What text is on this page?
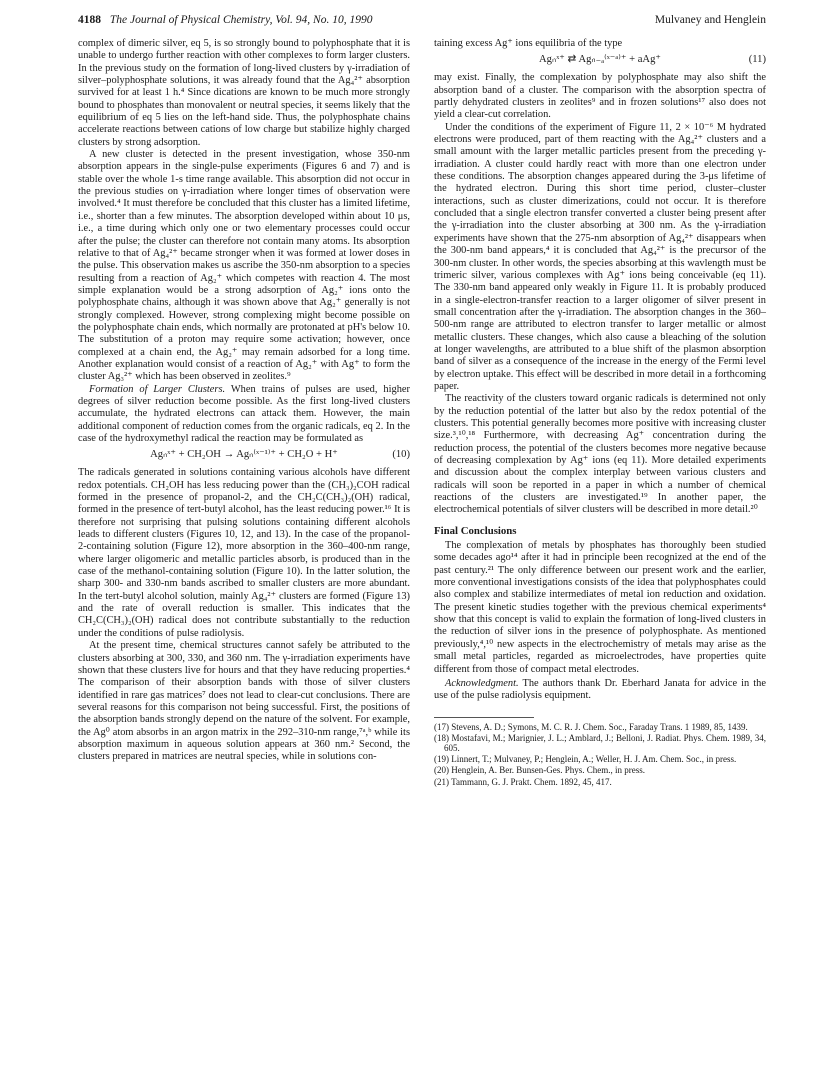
4188 The Journal of Physical Chemistry, Vol. 94, No. 10, 1990	Mulvaney and Henglein

complex of dimeric silver, eq 5, is so strongly bound to polyphosphate that it is unable to undergo further reaction with other complexes to form larger clusters. In the previous study on the formation of long-lived clusters by γ-irradiation of silver–polyphosphate solutions, it was already found that the Ag₄²⁺ absorption survived for at least 1 h.⁴ Since dications are known to be much more strongly bound to phosphates than monovalent or neutral species, it seems likely that the equilibrium of eq 5 lies on the left-hand side. Thus, the polyphosphate chains accelerate reactions between cations of low charge but stabilize highly charged clusters by strong adsorption.

A new cluster is detected in the present investigation, whose 350-nm absorption appears in the single-pulse experiments (Figures 6 and 7) and is stable over the whole 1-s time range available. This absorption did not occur in the previous studies on γ-irradiation where longer times of observation were involved.⁴ It must therefore be concluded that this cluster has a limited lifetime, i.e., shorter than a few minutes. The absorption developed within about 10 μs, i.e., a time during which only one or two elementary processes could occur after the pulse; the cluster can therefore not contain many atoms. Its absorption relative to that of Ag₄²⁺ became stronger when it was formed at lower doses in the pulse. This observation makes us ascribe the 350-nm absorption to a species resulting from a reaction of Ag₂⁺ which competes with reaction 4. The most simple explanation would be a strong adsorption of Ag₂⁺ ions onto the polyphosphate chains, although it was shown above that Ag₂⁺ generally is not strongly complexed. However, strong complexing might become possible on the polyphosphate chain ends, which normally are protonated at pH's below 10. The substitution of a proton may require some activation; however, once complexed at a chain end, the Ag₂⁺ may remain adsorbed for a long time. Another explanation would consist of a reaction of Ag₂⁺ with Ag⁺ to form the cluster Ag₃²⁺ which has been observed in zeolites.⁹

Formation of Larger Clusters. When trains of pulses are used, higher degrees of silver reduction become possible. As the first long-lived clusters accumulate, the hydrated electrons can attack them. However, the main additional component of reduction comes from the organic radicals, eq 2. In the case of the hydroxymethyl radical the reaction may be formulated as

Agₙˣ⁺ + CH₂OH → Agₙ⁽ˣ⁻¹⁾⁺ + CH₂O + H⁺	(10)

The radicals generated in solutions containing various alcohols have different redox potentials. CH₂OH has less reducing power than the (CH₃)₂COH radical formed in the presence of propanol-2, and the CH₂C(CH₃)₂(OH) radical, formed in the presence of tert-butyl alcohol, has the least reducing power.¹⁶ It is therefore not surprising that pulsing solutions containing different alcohols leads to different clusters (Figures 10, 12, and 13). In the case of the propanol-2-containing solution (Figure 12), more absorption in the 360–400-nm range, where larger oligomeric and metallic particles absorb, is produced than in the case of the methanol-containing solution (Figure 10). In the latter solution, the sharp 300- and 330-nm bands ascribed to smaller clusters are more abundant. In the tert-butyl alcohol solution, mainly Ag₄²⁺ clusters are formed (Figure 13) and the rate of overall reduction is smaller. This indicates that the CH₂C(CH₃)₂(OH) radical does not contribute substantially to the reduction under the conditions of pulse radiolysis.

At the present time, chemical structures cannot safely be attributed to the clusters absorbing at 300, 330, and 360 nm. The γ-irradiation experiments have shown that these clusters live for hours and that they have reducing properties.⁴ The comparison of their absorption bands with those of silver clusters identified in rare gas matrices⁷ does not lead to clear-cut conclusions. There are several reasons for this comparison not being successful. First, the positions of the absorption bands strongly depend on the nature of the solvent. For example, the Ag⁰ atom absorbs in an argon matrix in the 292–310-nm range,⁷ᵃ,ᵇ while its absorption maximum in aqueous solution appears at 360 nm.² Second, the clusters prepared in matrices are neutral species, while in solutions con-

taining excess Ag⁺ ions equilibria of the type

Agₙˣ⁺ ⇄ Agₙ₋ₐ⁽ˣ⁻ᵃ⁾⁺ + aAg⁺	(11)

may exist. Finally, the complexation by polyphosphate may also shift the absorption band of a cluster. The comparison with the absorption spectra of partly dehydrated clusters in zeolites⁹ and in frozen solutions¹⁷ also does not yield a clear-cut correlation.

Under the conditions of the experiment of Figure 11, 2 × 10⁻⁶ M hydrated electrons were produced, part of them reacting with the Ag₄²⁺ clusters and a small amount with the larger metallic particles present from the preceding γ-irradiation. A cluster could hardly react with more than one electron under these conditions. The absorption changes appeared during the 3-μs lifetime of the hydrated electron. During this short time period, cluster–cluster interactions, such as cluster dimerizations, could not occur. It is therefore concluded that a single electron transfer converted a cluster being present after the γ-irradiation into the cluster absorbing at 300 nm. As the γ-irradiation experiments have shown that the 275-nm absorption of Ag₄²⁺ disappears when the 300-nm band appears,⁴ it is concluded that Ag₄²⁺ is the precursor of the 300-nm cluster. In other words, the species absorbing at this wavlength must be trimeric silver, various complexes with Ag⁺ ions being conceivable (eq 11). The 330-nm band appeared only weakly in Figure 11. It is probably produced in a single-electron-transfer reaction to a larger oligomer of silver present in small concentration after the γ-irradiation. The absorption changes in the 360–500-nm range are attributed to electron transfer to larger metallic or almost metallic clusters. These changes, which also cause a bleaching of the solution at longer wavelengths, are attributed to a blue shift of the plasmon absorption band of silver as a consequence of the increase in the energy of the Fermi level by electron uptake. This effect will be described in more detail in a forthcoming paper.

The reactivity of the clusters toward organic radicals is determined not only by the reduction potential of the latter but also by the redox potential of the clusters. This potential generally becomes more positive with increasing cluster size.³,¹⁰,¹⁸ Furthermore, with decreasing Ag⁺ concentration during the reduction process, the potential of the clusters becomes more negative because of decreasing complexation by Ag⁺ ions (eq 11). More detailed experiments and discussion about the complex interplay between various clusters and radicals will soon be reported in a paper in which a number of chemical reactions of the clusters are investigated.¹⁹ In another paper, the electrochemical potentials of silver clusters will be described in more detail.²⁰

Final Conclusions

The complexation of metals by phosphates has thoroughly been studied some decades ago¹⁴ after it had in principle been recognized at the end of the past century.²¹ The only difference between our present work and the earlier, more conventional investigations consists of the idea that polyphosphates could also complex and stabilize intermediates of metal ion reduction and oxidation. The present kinetic studies together with the previous chemical experiments⁴ show that this concept is valid to explain the formation of long-lived clusters in the reduction of silver ions in the presence of polyphosphate. As mentioned previously,⁴,¹⁰ new aspects in the electrochemistry of metals may arise as the small metal particles, regarded as microelectrodes, have properties quite different from those of compact metal electrodes.

Acknowledgment. The authors thank Dr. Eberhard Janata for advice in the use of the pulse radiolysis equipment.

(17) Stevens, A. D.; Symons, M. C. R. J. Chem. Soc., Faraday Trans. 1 1989, 85, 1439.
(18) Mostafavi, M.; Marignier, J. L.; Amblard, J.; Belloni, J. Radiat. Phys. Chem. 1989, 34, 605.
(19) Linnert, T.; Mulvaney, P.; Henglein, A.; Weller, H. J. Am. Chem. Soc., in press.
(20) Henglein, A. Ber. Bunsen-Ges. Phys. Chem., in press.
(21) Tammann, G. J. Prakt. Chem. 1892, 45, 417.
